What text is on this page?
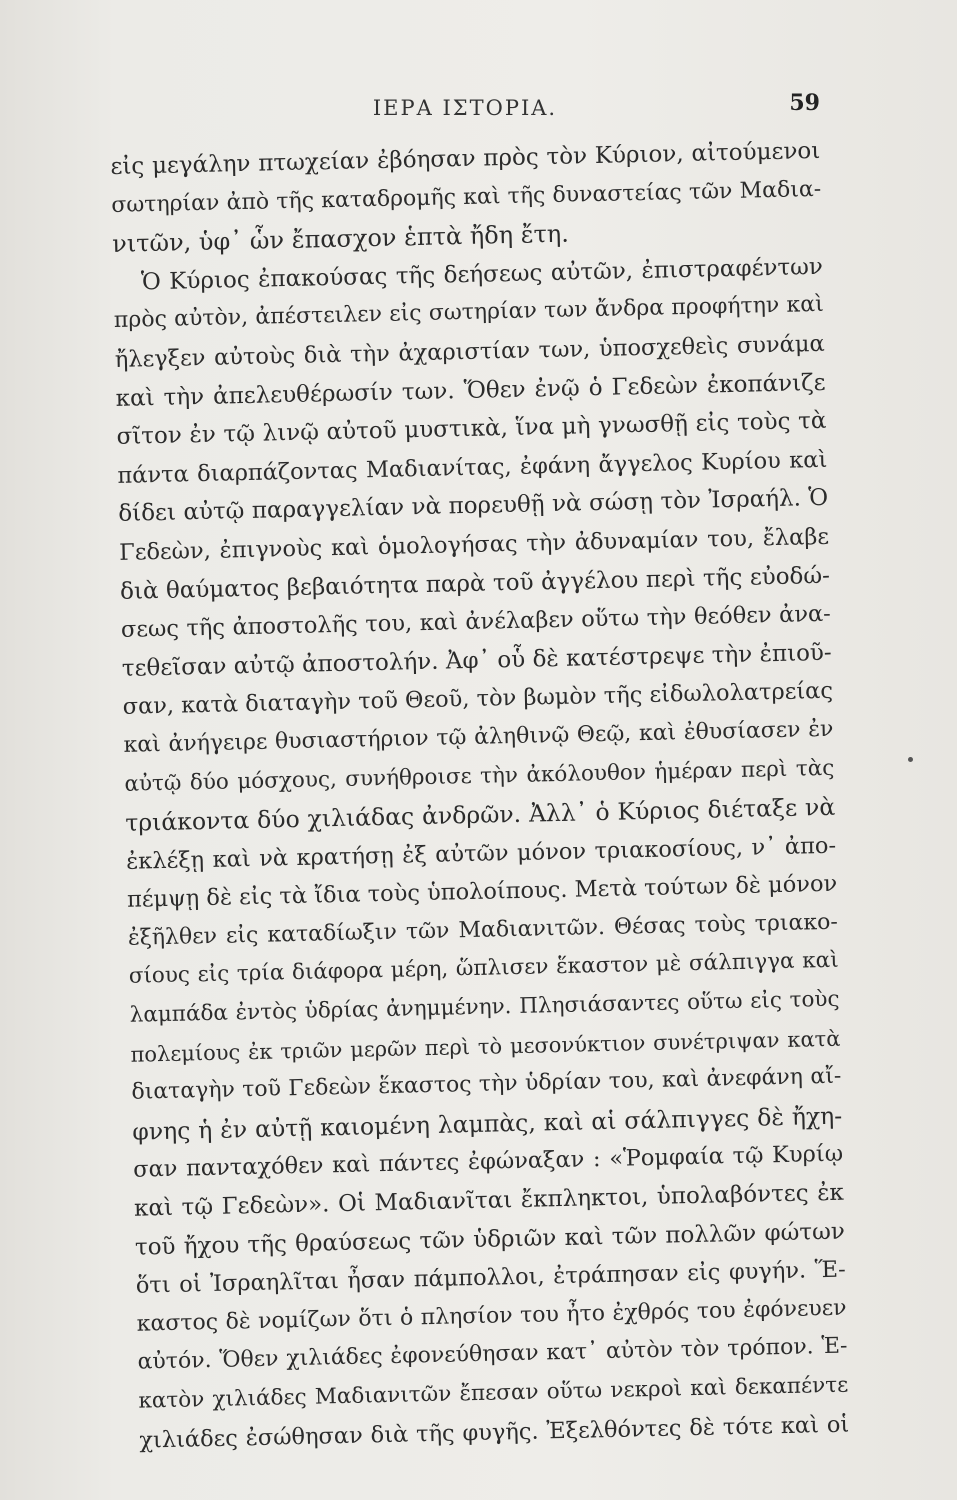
ΙΕΡΑ ΙΣΤΟΡΙΑ.	59
εἰς μεγάλην πτωχείαν ἐβόησαν πρὸς τὸν Κύριον, αἰτούμενοι
σωτηρίαν ἀπὸ τῆς καταδρομῆς καὶ τῆς δυναστείας τῶν Μαδια-
νιτῶν, ὑφ᾽ ὧν ἔπασχον ἑπτὰ ἤδη ἔτη.
Ὁ Κύριος ἐπακούσας τῆς δεήσεως αὐτῶν, ἐπιστραφέντων
πρὸς αὐτὸν, ἀπέστειλεν εἰς σωτηρίαν των ἄνδρα προφήτην καὶ
ἤλεγξεν αὐτοὺς διὰ τὴν ἀχαριστίαν των, ὑποσχεθεὶς συνάμα
καὶ τὴν ἀπελευθέρωσίν των. Ὅθεν ἐνῷ ὁ Γεδεὼν ἐκοπάνιζε
σῖτον ἐν τῷ λινῷ αὐτοῦ μυστικὰ, ἵνα μὴ γνωσθῇ εἰς τοὺς τὰ
πάντα διαρπάζοντας Μαδιανίτας, ἐφάνη ἄγγελος Κυρίου καὶ
δίδει αὐτῷ παραγγελίαν νὰ πορευθῇ νὰ σώσῃ τὸν Ἰσραήλ. Ὁ
Γεδεὼν, ἐπιγνοὺς καὶ ὁμολογήσας τὴν ἀδυναμίαν του, ἔλαβε
διὰ θαύματος βεβαιότητα παρὰ τοῦ ἀγγέλου περὶ τῆς εὐοδώ-
σεως τῆς ἀποστολῆς του, καὶ ἀνέλαβεν οὕτω τὴν θεόθεν ἀνα-
τεθεῖσαν αὐτῷ ἀποστολήν. Ἀφ᾽ οὗ δὲ κατέστρεψε τὴν ἐπιοῦ-
σαν, κατὰ διαταγὴν τοῦ Θεοῦ, τὸν βωμὸν τῆς εἰδωλολατρείας
καὶ ἀνήγειρε θυσιαστήριον τῷ ἀληθινῷ Θεῷ, καὶ ἐθυσίασεν ἐν
αὐτῷ δύο μόσχους, συνήθροισε τὴν ἀκόλουθον ἡμέραν περὶ τὰς
τριάκοντα δύο χιλιάδας ἀνδρῶν. Ἀλλ᾽ ὁ Κύριος διέταξε νὰ
ἐκλέξῃ καὶ νὰ κρατήσῃ ἐξ αὐτῶν μόνον τριακοσίους, ν᾽ ἀπο-
πέμψῃ δὲ εἰς τὰ ἴδια τοὺς ὑπολοίπους. Μετὰ τούτων δὲ μόνον
ἐξῆλθεν εἰς καταδίωξιν τῶν Μαδιανιτῶν. Θέσας τοὺς τριακο-
σίους εἰς τρία διάφορα μέρη, ὥπλισεν ἕκαστον μὲ σάλπιγγα καὶ
λαμπάδα ἐντὸς ὑδρίας ἀνημμένην. Πλησιάσαντες οὕτω εἰς τοὺς
πολεμίους ἐκ τριῶν μερῶν περὶ τὸ μεσονύκτιον συνέτριψαν κατὰ
διαταγὴν τοῦ Γεδεὼν ἕκαστος τὴν ὑδρίαν του, καὶ ἀνεφάνη αἴ-
φνης ἡ ἐν αὐτῇ καιομένη λαμπὰς, καὶ αἱ σάλπιγγες δὲ ἤχη-
σαν πανταχόθεν καὶ πάντες ἐφώναξαν : «Ῥομφαία τῷ Κυρίῳ
καὶ τῷ Γεδεὼν». Οἱ Μαδιανῖται ἔκπληκτοι, ὑπολαβόντες ἐκ
τοῦ ἤχου τῆς θραύσεως τῶν ὑδριῶν καὶ τῶν πολλῶν φώτων
ὅτι οἱ Ἰσραηλῖται ἦσαν πάμπολλοι, ἐτράπησαν εἰς φυγήν. Ἕ-
καστος δὲ νομίζων ὅτι ὁ πλησίον του ἦτο ἐχθρός του ἐφόνευεν
αὐτόν. Ὅθεν χιλιάδες ἐφονεύθησαν κατ᾽ αὐτὸν τὸν τρόπον. Ἑ-
κατὸν χιλιάδες Μαδιανιτῶν ἔπεσαν οὕτω νεκροὶ καὶ δεκαπέντε
χιλιάδες ἐσώθησαν διὰ τῆς φυγῆς. Ἐξελθόντες δὲ τότε καὶ οἱ
